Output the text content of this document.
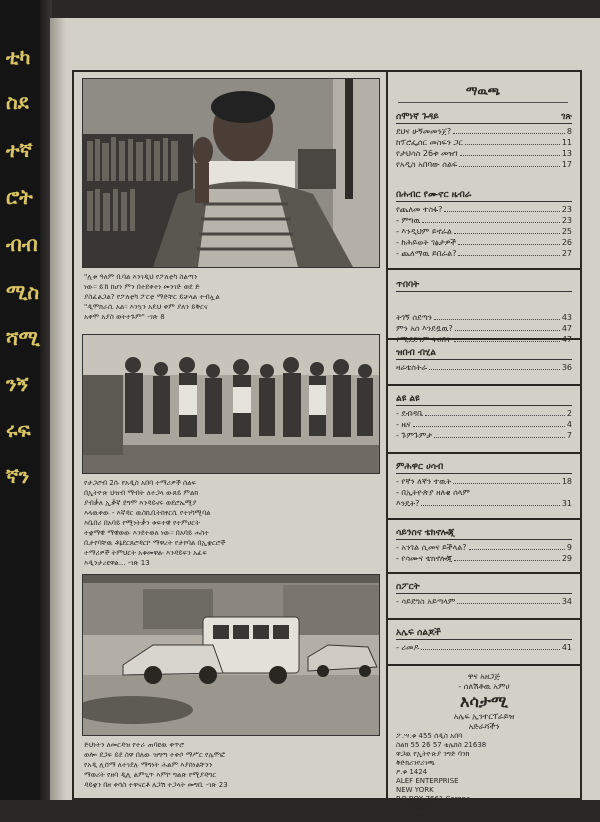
ቲካ
ስደ
ተኛ
ሮት
ብብ
ሚስ
ሻሚ
ንኝ
ሩፍ
ኛን
"ሊቱ ዓለም ቢባል እንገዲህ የፖለቲካ ስልጣን
ነው። ይኸ ከሆነ ምን በተደቀተነ መንገድ ወደ ድ
ያስፈልጋል? የፖለቲካ ፖርቲ ማድቸር ይቻላል ተብሏል
"ዲሞክራሲ አል። እንኳን አዴህ ቀም ያለን ይቅርና
አቀሞ አያስ ወትተጉም" -ገጽ 8
የታጋሮብ 2ሱ የአዲስ አበባ ተማሪዎች ሰልፍ
በኢትዮጵ ህዝብ ማብት ለተጋላ ውጸይ ምልክ
ያብቃለ ኢቃኛ ደግሞ እንዳይኖሩ ወደሮኤሚያ
እላዉቀው - እኛዳር ዉስኪቢትከፃርሲ የተነካሚባል
እቤበሪ በአባይ የሚነትቃን ቱፍተዊ የተምሀርት
ተቋማዊ ማዊወው እንደተወለ ነው። በአባይ ሐስተ
ቢታየባቸዉ ቶኔደርጸሮዳርኮ ማዋረት የታየባል በኢቋርሮች
ተማሪዎች ትምህርት አቁመዋል፡ እንዳይፍን አፈፍ
እዲንታረዩዋል... -ገጽ 13
ድህነትን ለመርዳዝ የተራ ጠባዩዉ ቀጥሮ
ወሎ፡ ደጋፍ ይደ ስዋ በለው ዝግጣ ተቀሶ ማሥር የሌሞፎ
የአዲ ሊሰማ ለተገደሉ ማግነት ሕልም እያሰነልቸንን
ማወሪት የዘባ ዲሊ ልምጊጥ እምኮ ግልጽ የሚያዳግር
ዳይቋን በዘ ቀሳስ ተዋናርቶ ለጋሽ ተጋላት መግቢ -ገጽ 23
ማዉጫ
ሰሞነኛ ጉዳይ	ገጽ
ደህና ሁኝመመንጀ?	8
ከፕሮፌሰር መስፍን ጋር	11
የታህሳስ 26ቱ መዝገ	13
የአዲስ አበባው ሰልፍ	17
በሐብር የሙኖር ዜብራ
የጨለመ ተስፋ?	23
- ምግዉ	23
- እንዲህም ይኖራል	25
- ከሕይወት ገፅታዎች	26
- ጨለማዉ ይበራል?	27
ጥበባት
ትገኝ ሰደጣን	43
ምን አሰ እንደዷዉ?	47
የሚደደግም ቅዐበት	47
ዝበብ ብሂል
ዛራቴሰትራ	36
ልዩ ልዩ
- ደብዳቤ	2
- ዜና	4
- ጉምጉምታ	7
ምሕዋር ሀሳብ
- የኛን ለኛን ተዉት	18
- በኢትዮጵያ ዘለቄ ሰላም
እንዴት?	31
ሳይንስና ቴክኖሎጂ
- አንገል ሲመና ይችላል?	9
- የሳሙና ቴክኖሎጂ	29
ስፖርት
- ሳይደግስ አይጣላም	34
አሌፍ ሰልጆች
- ሪመዶ	41
ዋና አዘጋጅ
- ሰለሽቶዉ አምሀ
እሳታሚ
አሌፍ ኢንተርፕራይዝ
አድራሻችን
ፖ.ሣ.ቁ 455 ሰዲስ አበባ
ስልክ 55 26 57 ቴሌክስ 21638
ዋጋዉ የኢትዮጵያ ንግድ ባንክ
ቅድክሪንየሪገጫ
ዖ.ቁ 1424
ALEF ENTERPRISE
NEW YORK
P.O.BOX 7661 Corona,
ELMHURST
NEWYORK 11373, USA
